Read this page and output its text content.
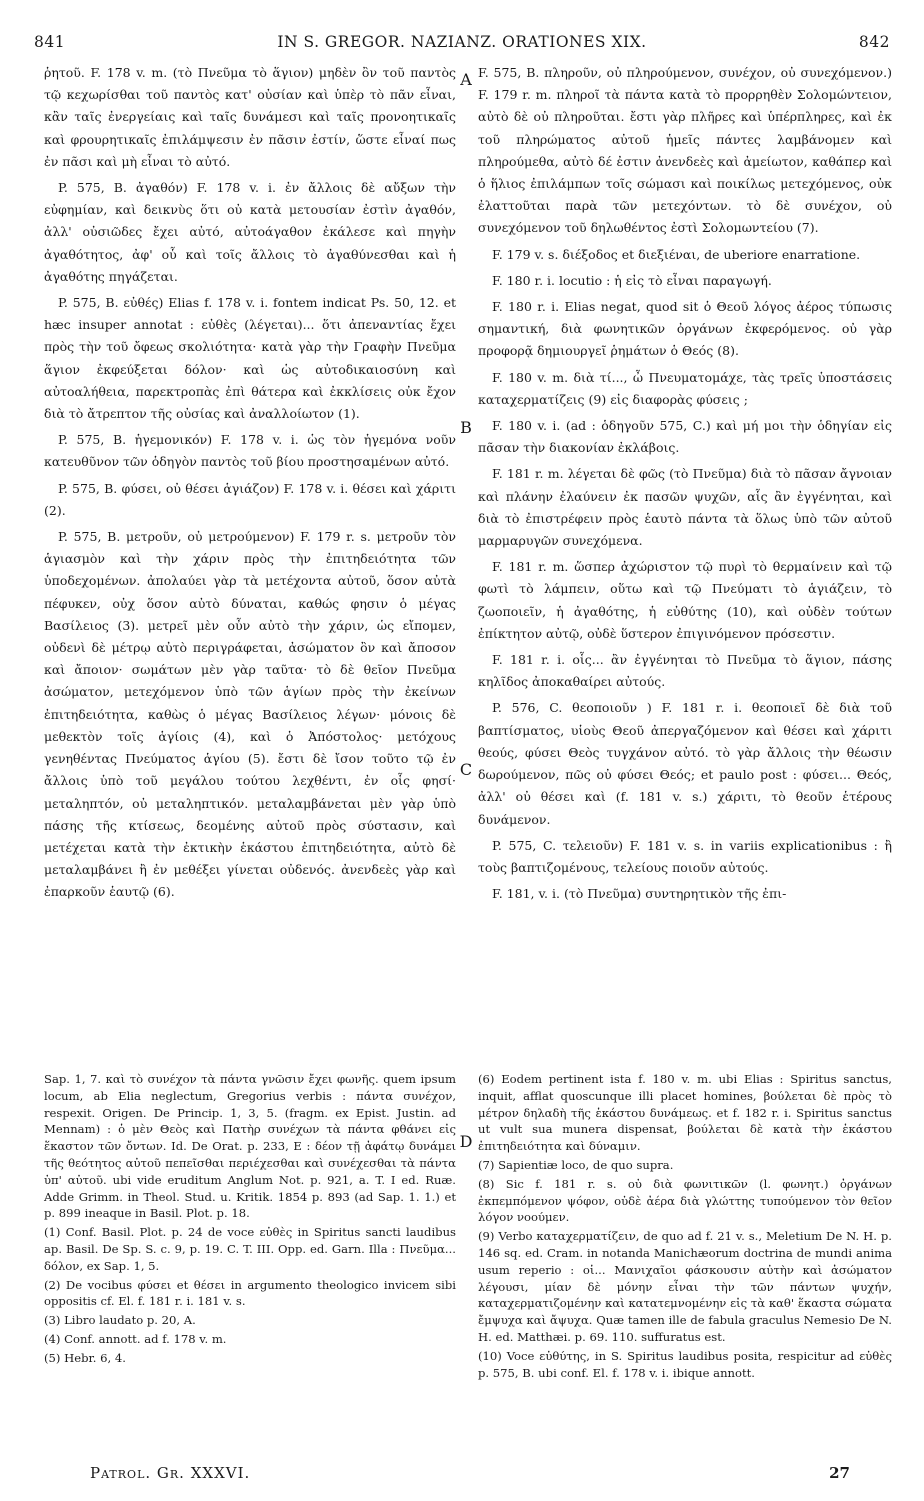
841	IN S. GREGOR. NAZIANZ. ORATIONES XIX.	842

ῥητοῦ. F. 178 v. m. (τὸ Πνεῦμα τὸ ἅγιον) μηδὲν ὂν τοῦ παντὸς τῷ κεχωρίσθαι τοῦ παντὸς κατ' οὐσίαν καὶ ὑπὲρ τὸ πᾶν εἶναι, κἂν ταῖς ἐνεργείαις καὶ ταῖς δυνάμεσι καὶ ταῖς προνοητικαῖς καὶ φρουρητικαῖς ἐπιλάμψεσιν ἐν πᾶσιν ἐστίν, ὥστε εἶναί πως ἐν πᾶσι καὶ μὴ εἶναι τὸ αὐτό.

P. 575, B. ἀγαθόν) F. 178 v. i. ἐν ἄλλοις δὲ αὔξων τὴν εὐφημίαν, καὶ δεικνὺς ὅτι οὐ κατὰ μετουσίαν ἐστὶν ἀγαθόν, ἀλλ' οὐσιῶδες ἔχει αὐτό, αὐτοάγαθον ἐκάλεσε καὶ πηγὴν ἀγαθότητος, ἀφ' οὗ καὶ τοῖς ἄλλοις τὸ ἀγαθύνεσθαι καὶ ἡ ἀγαθότης πηγάζεται.

P. 575, B. εὐθές) Elias f. 178 v. i. fontem indicat Ps. 50, 12. et hæc insuper annotat : εὐθὲς (λέγεται)... ὅτι ἀπεναντίας ἔχει πρὸς τὴν τοῦ ὄφεως σκολιότητα· κατὰ γὰρ τὴν Γραφὴν Πνεῦμα ἅγιον ἐκφεύξεται δόλον· καὶ ὡς αὐτοδικαιοσύνη καὶ αὐτοαλήθεια, παρεκτροπὰς ἐπὶ θάτερα καὶ ἐκκλίσεις οὐκ ἔχον διὰ τὸ ἄτρεπτον τῆς οὐσίας καὶ ἀναλλοίωτον (1).

P. 575, B. ἡγεμονικόν) F. 178 v. i. ὡς τὸν ἡγεμόνα νοῦν κατευθῦνον τῶν ὁδηγὸν παντὸς τοῦ βίου προστησαμένων αὐτό.

P. 575, B. φύσει, οὐ θέσει ἁγιάζον) F. 178 v. i. θέσει καὶ χάριτι (2).

P. 575, B. μετροῦν, οὐ μετρούμενον) F. 179 r. s. μετροῦν τὸν ἁγιασμὸν καὶ τὴν χάριν πρὸς τὴν ἐπιτηδειότητα τῶν ὑποδεχομένων. ἀπολαύει γὰρ τὰ μετέχοντα αὐτοῦ, ὅσον αὐτὰ πέφυκεν, οὐχ ὅσον αὐτὸ δύναται, καθώς φησιν ὁ μέγας Βασίλειος (3). μετρεῖ μὲν οὖν αὐτὸ τὴν χάριν, ὡς εἴπομεν, οὐδενὶ δὲ μέτρῳ αὐτὸ περιγράφεται, ἀσώματον ὂν καὶ ἄποσον καὶ ἄποιον· σωμάτων μὲν γὰρ ταῦτα· τὸ δὲ θεῖον Πνεῦμα ἀσώματον, μετεχόμενον ὑπὸ τῶν ἁγίων πρὸς τὴν ἐκείνων ἐπιτηδειότητα, καθὼς ὁ μέγας Βασίλειος λέγων· μόνοις δὲ μεθεκτὸν τοῖς ἁγίοις (4), καὶ ὁ Ἀπόστολος· μετόχους γενηθέντας Πνεύματος ἁγίου (5). ἔστι δὲ ἴσον τοῦτο τῷ ἐν ἄλλοις ὑπὸ τοῦ μεγάλου τούτου λεχθέντι, ἐν οἷς φησί· μεταληπτόν, οὐ μεταληπτικόν. μεταλαμβάνεται μὲν γὰρ ὑπὸ πάσης τῆς κτίσεως, δεομένης αὐτοῦ πρὸς σύστασιν, καὶ μετέχεται κατὰ τὴν ἐκτικὴν ἑκάστου ἐπιτηδειότητα, αὐτὸ δὲ μεταλαμβάνει ἢ ἐν μεθέξει γίνεται οὐδενός. ἀνενδεὲς γὰρ καὶ ἐπαρκοῦν ἑαυτῷ (6).

F. 575, B. πληροῦν, οὐ πληρούμενον, συνέχον, οὐ συνεχόμενον.) F. 179 r. m. πληροῖ τὰ πάντα κατὰ τὸ προρρηθὲν Σολομώντειον, αὐτὸ δὲ οὐ πληροῦται. ἔστι γὰρ πλῆρες καὶ ὑπέρπληρες, καὶ ἐκ τοῦ πληρώματος αὐτοῦ ἡμεῖς πάντες λαμβάνομεν καὶ πληρούμεθα, αὐτὸ δέ ἐστιν ἀνενδεὲς καὶ ἀμείωτον, καθάπερ καὶ ὁ ἥλιος ἐπιλάμπων τοῖς σώμασι καὶ ποικίλως μετεχόμενος, οὐκ ἐλαττοῦται παρὰ τῶν μετεχόντων. τὸ δὲ συνέχον, οὐ συνεχόμενον τοῦ δηλωθέντος ἐστὶ Σολομωντείου (7).

F. 179 v. s. διέξοδος et διεξιέναι, de uberiore enarratione.

F. 180 r. i. locutio : ἡ εἰς τὸ εἶναι παραγωγή.

F. 180 r. i. Elias negat, quod sit ὁ Θεοῦ λόγος ἀέρος τύπωσις σημαντική, διὰ φωνητικῶν ὀργάνων ἐκφερόμενος. οὐ γὰρ προφορᾷ δημιουργεῖ ῥημάτων ὁ Θεός (8).

F. 180 v. m. διὰ τί..., ὦ Πνευματομάχε, τὰς τρεῖς ὑποστάσεις καταχερματίζεις (9) εἰς διαφορὰς φύσεις ;

F. 180 v. i. (ad : ὁδηγοῦν 575, C.) καὶ μή μοι τὴν ὁδηγίαν εἰς πᾶσαν τὴν διακονίαν ἐκλάβοις.

F. 181 r. m. λέγεται δὲ φῶς (τὸ Πνεῦμα) διὰ τὸ πᾶσαν ἄγνοιαν καὶ πλάνην ἐλαύνειν ἐκ πασῶν ψυχῶν, αἷς ἂν ἐγγένηται, καὶ διὰ τὸ ἐπιστρέφειν πρὸς ἑαυτὸ πάντα τὰ ὅλως ὑπὸ τῶν αὐτοῦ μαρμαρυγῶν συνεχόμενα.

F. 181 r. m. ὥσπερ ἀχώριστον τῷ πυρὶ τὸ θερμαίνειν καὶ τῷ φωτὶ τὸ λάμπειν, οὕτω καὶ τῷ Πνεύματι τὸ ἁγιάζειν, τὸ ζωοποιεῖν, ἡ ἀγαθότης, ἡ εὐθύτης (10), καὶ οὐδὲν τούτων ἐπίκτητον αὐτῷ, οὐδὲ ὕστερον ἐπιγινόμενον πρόσεστιν.

F. 181 r. i. οἷς... ἂν ἐγγένηται τὸ Πνεῦμα τὸ ἅγιον, πάσης κηλῖδος ἀποκαθαίρει αὐτούς.

P. 576, C. θεοποιοῦν ) F. 181 r. i. θεοποιεῖ δὲ διὰ τοῦ βαπτίσματος, υἱοὺς Θεοῦ ἀπεργαζόμενον καὶ θέσει καὶ χάριτι θεούς, φύσει Θεὸς τυγχάνον αὐτό. τὸ γὰρ ἄλλοις τὴν θέωσιν δωρούμενον, πῶς οὐ φύσει Θεός; et paulo post : φύσει... Θεός, ἀλλ' οὐ θέσει καὶ (f. 181 v. s.) χάριτι, τὸ θεοῦν ἑτέρους δυνάμενον.

P. 575, C. τελειοῦν) F. 181 v. s. in variis explicationibus : ἢ τοὺς βαπτιζομένους, τελείους ποιοῦν αὐτούς.

F. 181, v. i. (τὸ Πνεῦμα) συντηρητικὸν τῆς ἐπι-

A
B
C
D

Sap. 1, 7. καὶ τὸ συνέχον τὰ πάντα γνῶσιν ἔχει φωνῆς. quem ipsum locum, ab Elia neglectum, Gregorius verbis : πάντα συνέχον, respexit. Origen. De Princip. 1, 3, 5. (fragm. ex Epist. Justin. ad Mennam) : ὁ μὲν Θεὸς καὶ Πατὴρ συνέχων τὰ πάντα φθάνει εἰς ἕκαστον τῶν ὄντων. Id. De Orat. p. 233, E : δέον τῇ ἀφάτῳ δυνάμει τῆς θεότητος αὐτοῦ πεπεῖσθαι περιέχεσθαι καὶ συνέχεσθαι τὰ πάντα ὑπ' αὐτοῦ. ubi vide eruditum Anglum Not. p. 921, a. T. I ed. Ruæ. Adde Grimm. in Theol. Stud. u. Kritik. 1854 p. 893 (ad Sap. 1. 1.) et p. 899 ineaque in Basil. Plot. p. 18.

(1) Conf. Basil. Plot. p. 24 de voce εὐθὲς in Spiritus sancti laudibus ap. Basil. De Sp. S. c. 9, p. 19. C. T. III. Opp. ed. Garn. Illa : Πνεῦμα... δόλον, ex Sap. 1, 5.

(2) De vocibus φύσει et θέσει in argumento theologico invicem sibi oppositis cf. El. f. 181 r. i. 181 v. s.

(3) Libro laudato p. 20, A.

(4) Conf. annott. ad f. 178 v. m.

(5) Hebr. 6, 4.

(6) Eodem pertinent ista f. 180 v. m. ubi Elias : Spiritus sanctus, inquit, afflat quoscunque illi placet homines, βούλεται δὲ πρὸς τὸ μέτρον δηλαδὴ τῆς ἑκάστου δυνάμεως. et f. 182 r. i. Spiritus sanctus ut vult sua munera dispensat, βούλεται δὲ κατὰ τὴν ἑκάστου ἐπιτηδειότητα καὶ δύναμιν.

(7) Sapientiæ loco, de quo supra.

(8) Sic f. 181 r. s. οὐ διὰ φωνιτικῶν (l. φωνητ.) ὀργάνων ἐκπεμπόμενον ψόφον, οὐδὲ ἀέρα διὰ γλώττης τυπούμενον τὸν θεῖον λόγον νοούμεν.

(9) Verbo καταχερματίζειν, de quo ad f. 21 v. s., Meletium De N. H. p. 146 sq. ed. Cram. in notanda Manichæorum doctrina de mundi anima usum reperio : οἱ... Μανιχαῖοι φάσκουσιν αὐτὴν καὶ ἀσώματον λέγουσι, μίαν δὲ μόνην εἶναι τὴν τῶν πάντων ψυχήν, καταχερματιζομένην καὶ κατατεμνομένην εἰς τὰ καθ' ἕκαστα σώματα ἔμψυχα καὶ ἄψυχα. Quæ tamen ille de fabula graculus Nemesio De N. H. ed. Matthæi. p. 69. 110. suffuratus est.

(10) Voce εὐθύτης, in S. Spiritus laudibus posita, respicitur ad εὐθὲς p. 575, B. ubi conf. El. f. 178 v. i. ibique annott.

Patrol. Gr. XXXVI.	27
